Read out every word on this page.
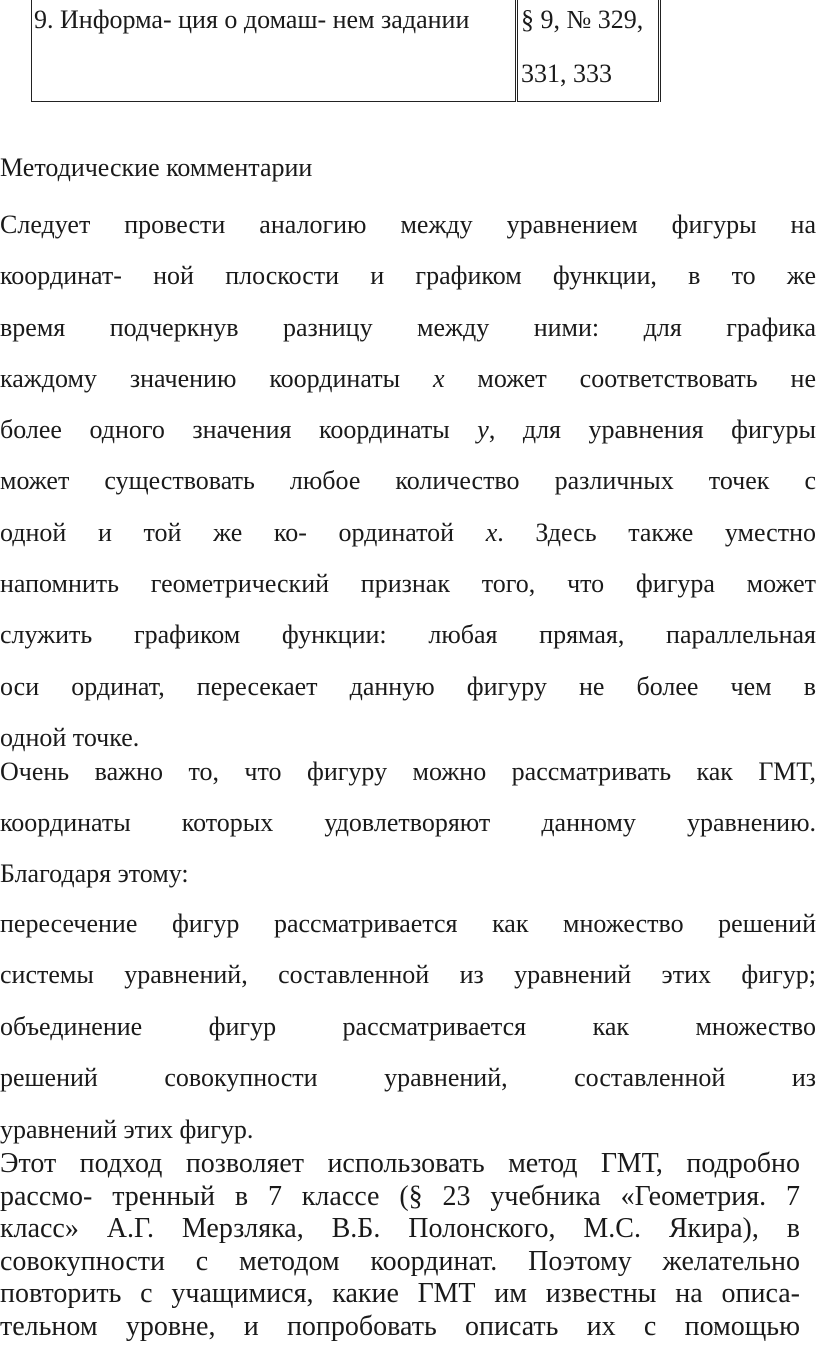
9. Информа- ция о домаш- нем задании	§ 9, № 329,
331, 333
Методические комментарии
Следует провести аналогию между уравнением фигуры на
координат- ной плоскости и графиком функции, в то же
время подчеркнув разницу между ними: для графика
каждому значению координаты x может соответствовать не
более одного значения координаты y, для уравнения фигуры
может существовать любое количество различных точек с
одной и той же ко- ординатой x. Здесь также уместно
напомнить геометрический признак того, что фигура может
служить графиком функции: любая прямая, параллельная
оси ординат, пересекает данную фигуру не более чем в
одной точке.
Очень важно то, что фигуру можно рассматривать как ГМТ,
координаты которых удовлетворяют данному уравнению.
Благодаря этому:
пересечение фигур рассматривается как множество решений
системы уравнений, составленной из уравнений этих фигур;
объединение фигур рассматривается как множество
решений совокупности уравнений, составленной из
уравнений этих фигур.
Этот подход позволяет использовать метод ГМТ, подробно
рассмо- тренный в 7 классе (§ 23 учебника «Геометрия. 7
класс» А.Г. Мерзляка, В.Б. Полонского, М.С. Якира), в
совокупности с методом координат. Поэтому желательно
повторить с учащимися, какие ГМТ им известны на описа-
тельном уровне, и попробовать описать их с помощью
